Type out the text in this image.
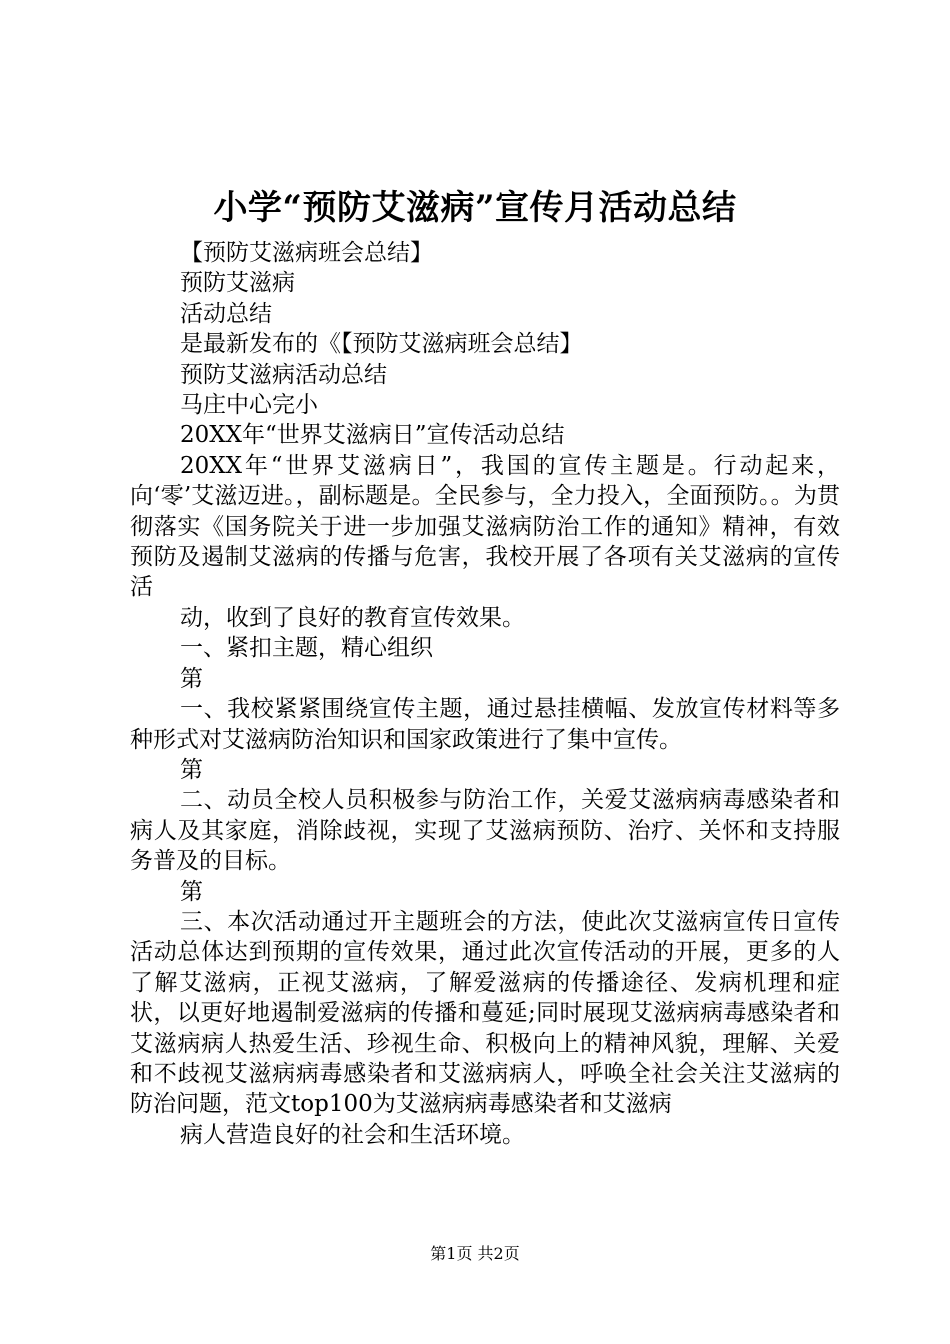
小学“预防艾滋病”宣传月活动总结

【预防艾滋病班会总结】

预防艾滋病

活动总结

是最新发布的《【预防艾滋病班会总结】

预防艾滋病活动总结

马庄中心完小

20XX年“世界艾滋病日”宣传活动总结

20XX年“世界艾滋病日”，我国的宣传主题是。行动起来，向‘零’艾滋迈进。，副标题是。全民参与，全力投入，全面预防。。为贯彻落实《国务院关于进一步加强艾滋病防治工作的通知》精神，有效预防及遏制艾滋病的传播与危害，我校开展了各项有关艾滋病的宣传活

动，收到了良好的教育宣传效果。

一、紧扣主题，精心组织

第

一、我校紧紧围绕宣传主题，通过悬挂横幅、发放宣传材料等多种形式对艾滋病防治知识和国家政策进行了集中宣传。

第

二、动员全校人员积极参与防治工作，关爱艾滋病病毒感染者和病人及其家庭，消除歧视，实现了艾滋病预防、治疗、关怀和支持服务普及的目标。

第

三、本次活动通过开主题班会的方法，使此次艾滋病宣传日宣传活动总体达到预期的宣传效果，通过此次宣传活动的开展，更多的人了解艾滋病，正视艾滋病，了解爱滋病的传播途径、发病机理和症状，以更好地遏制爱滋病的传播和蔓延;同时展现艾滋病病毒感染者和艾滋病病人热爱生活、珍视生命、积极向上的精神风貌，理解、关爱和不歧视艾滋病病毒感染者和艾滋病病人，呼唤全社会关注艾滋病的防治问题，范文top100为艾滋病病毒感染者和艾滋病

病人营造良好的社会和生活环境。

第1页 共2页
